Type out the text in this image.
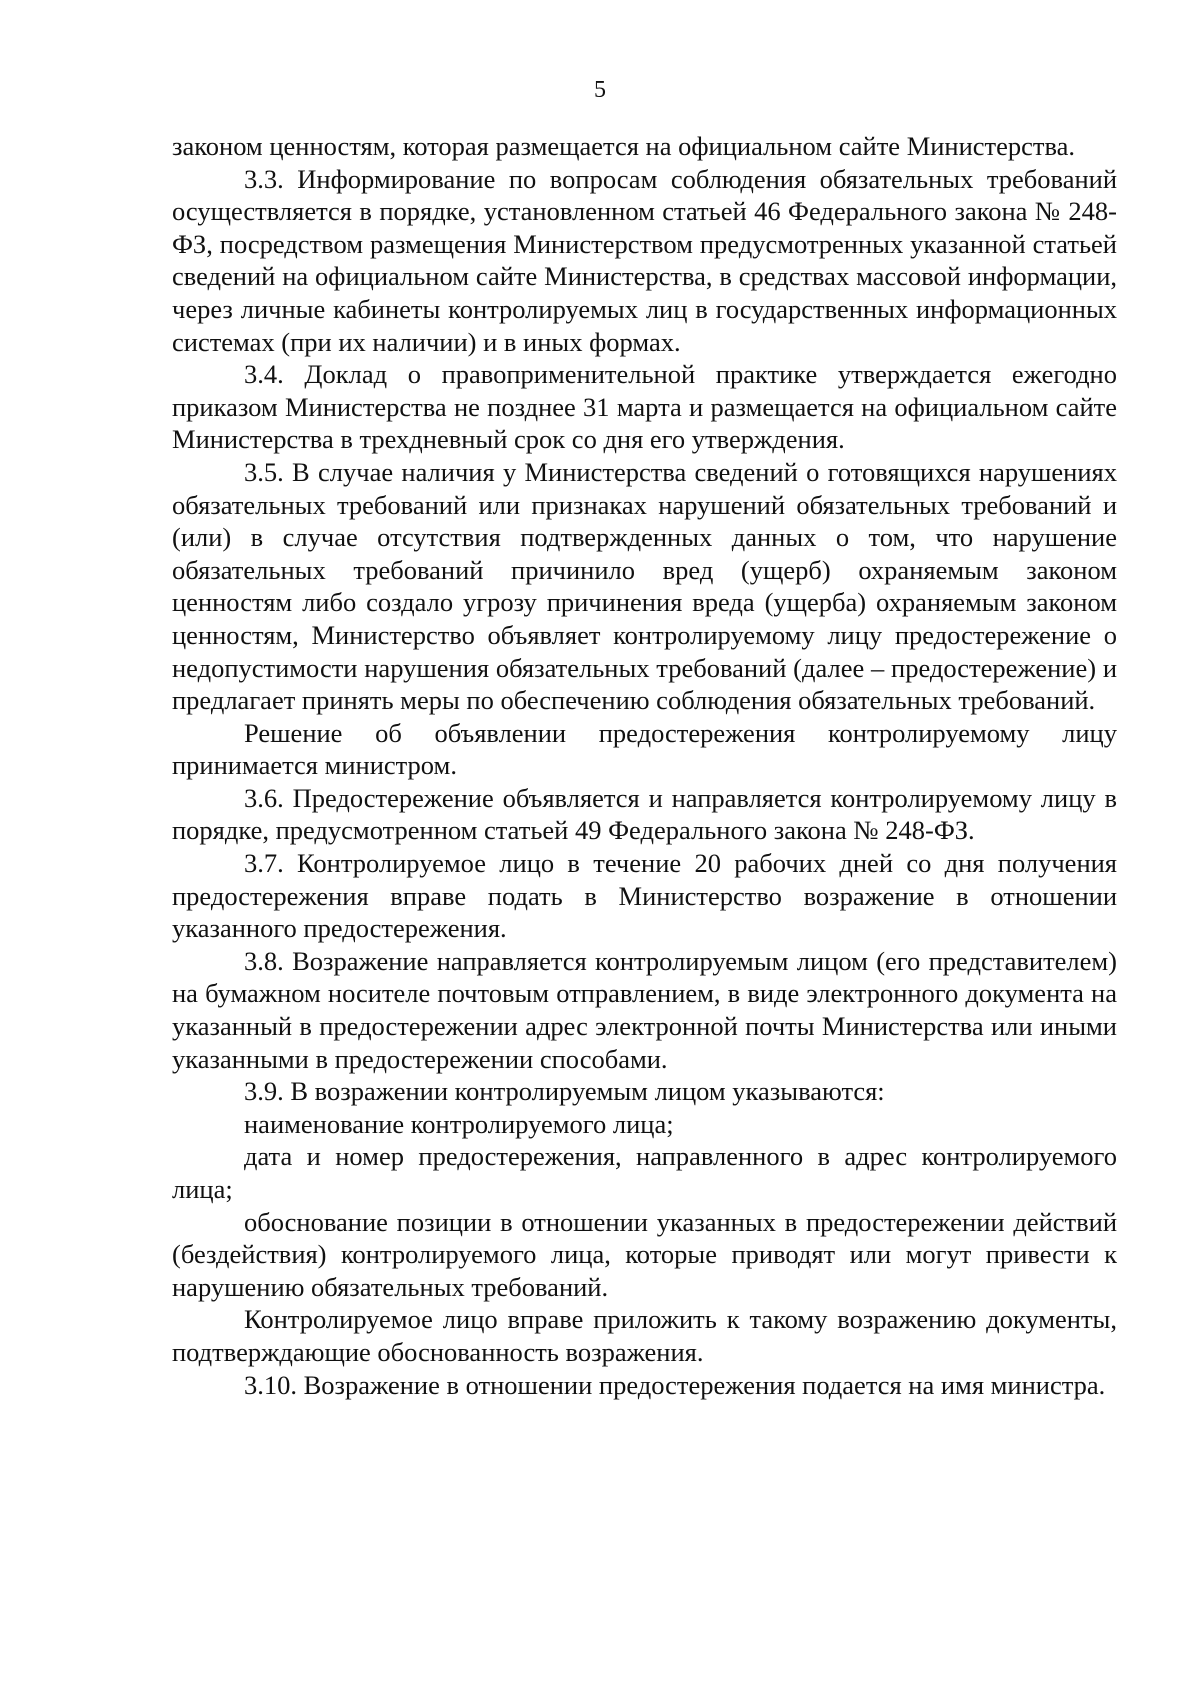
5

законом ценностям, которая размещается на официальном сайте Министерства.

3.3. Информирование по вопросам соблюдения обязательных требований осуществляется в порядке, установленном статьей 46 Федерального закона № 248-ФЗ, посредством размещения Министерством предусмотренных указанной статьей сведений на официальном сайте Министерства, в средствах массовой информации, через личные кабинеты контролируемых лиц в государственных информационных системах (при их наличии) и в иных формах.

3.4. Доклад о правоприменительной практике утверждается ежегодно приказом Министерства не позднее 31 марта и размещается на официальном сайте Министерства в трехдневный срок со дня его утверждения.

3.5. В случае наличия у Министерства сведений о готовящихся нарушениях обязательных требований или признаках нарушений обязательных требований и (или) в случае отсутствия подтвержденных данных о том, что нарушение обязательных требований причинило вред (ущерб) охраняемым законом ценностям либо создало угрозу причинения вреда (ущерба) охраняемым законом ценностям, Министерство объявляет контролируемому лицу предостережение о недопустимости нарушения обязательных требований (далее – предостережение) и предлагает принять меры по обеспечению соблюдения обязательных требований.

Решение об объявлении предостережения контролируемому лицу принимается министром.

3.6. Предостережение объявляется и направляется контролируемому лицу в порядке, предусмотренном статьей 49 Федерального закона № 248-ФЗ.

3.7. Контролируемое лицо в течение 20 рабочих дней со дня получения предостережения вправе подать в Министерство возражение в отношении указанного предостережения.

3.8. Возражение направляется контролируемым лицом (его представителем) на бумажном носителе почтовым отправлением, в виде электронного документа на указанный в предостережении адрес электронной почты Министерства или иными указанными в предостережении способами.

3.9. В возражении контролируемым лицом указываются:

наименование контролируемого лица;

дата и номер предостережения, направленного в адрес контролируемого лица;

обоснование позиции в отношении указанных в предостережении действий (бездействия) контролируемого лица, которые приводят или могут привести к нарушению обязательных требований.

Контролируемое лицо вправе приложить к такому возражению документы, подтверждающие обоснованность возражения.

3.10. Возражение в отношении предостережения подается на имя министра.
